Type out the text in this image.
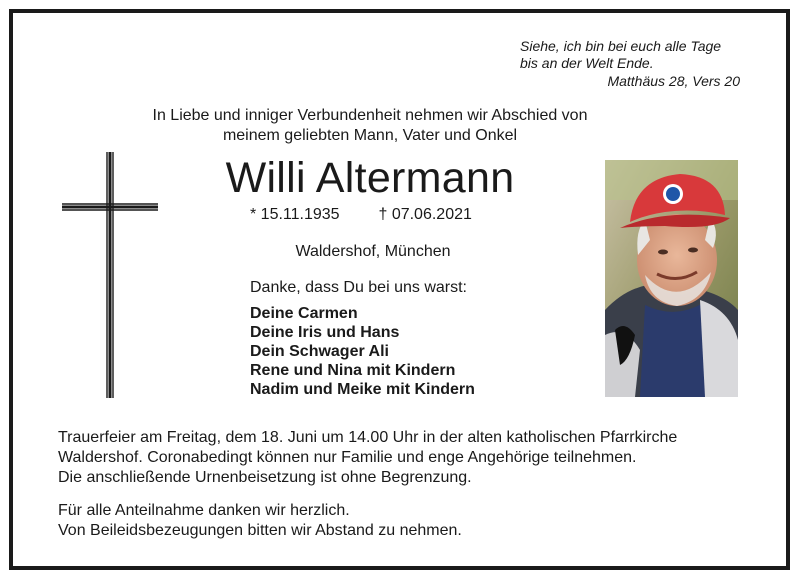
Siehe, ich bin bei euch alle Tage
bis an der Welt Ende.
Matthäus 28, Vers 20
In Liebe und inniger Verbundenheit nehmen wir Abschied von
meinem geliebten Mann, Vater und Onkel
Willi Altermann
* 15.11.1935 † 07.06.2021
Waldershof, München
Danke, dass Du bei uns warst:
Deine Carmen
Deine Iris und Hans
Dein Schwager Ali
Rene und Nina mit Kindern
Nadim und Meike mit Kindern
Trauerfeier am Freitag, dem 18. Juni um 14.00 Uhr in der alten katholischen Pfarrkirche
Waldershof. Coronabedingt können nur Familie und enge Angehörige teilnehmen.
Die anschließende Urnenbeisetzung ist ohne Begrenzung.
Für alle Anteilnahme danken wir herzlich.
Von Beileidsbezeugungen bitten wir Abstand zu nehmen.
